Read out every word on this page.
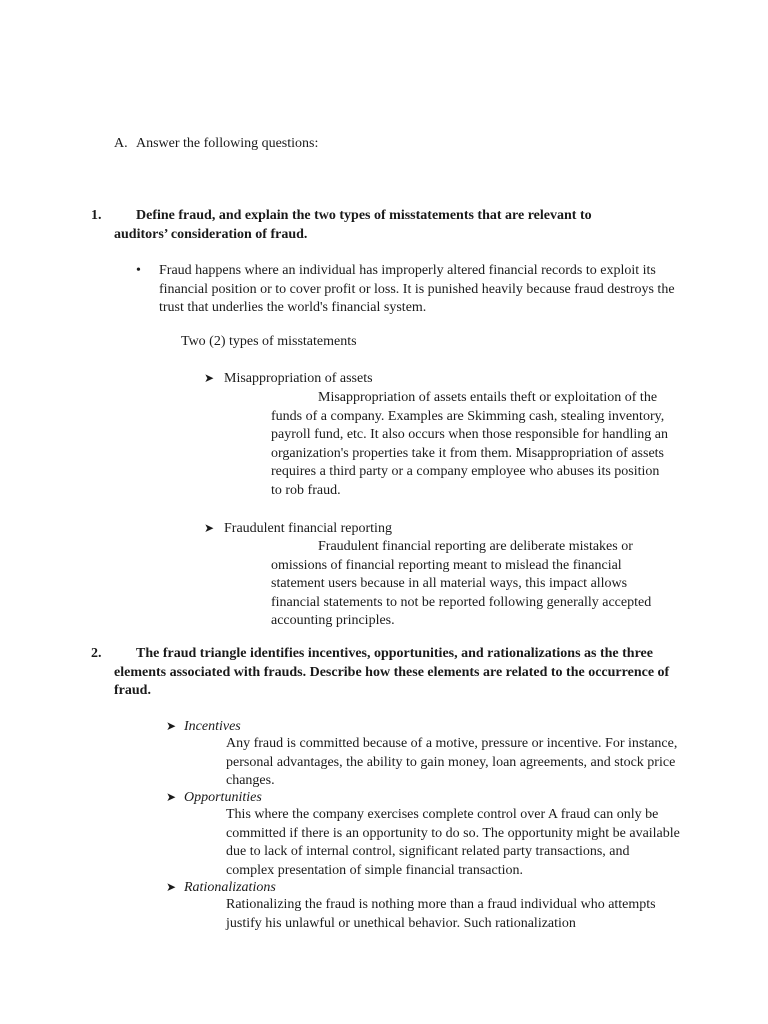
A. Answer the following questions:
1.	Define fraud, and explain the two types of misstatements that are relevant to auditors’ consideration of fraud.
• Fraud happens where an individual has improperly altered financial records to exploit its financial position or to cover profit or loss. It is punished heavily because fraud destroys the trust that underlies the world's financial system.
Two (2) types of misstatements
➤ Misappropriation of assets
Misappropriation of assets entails theft or exploitation of the funds of a company. Examples are Skimming cash, stealing inventory, payroll fund, etc. It also occurs when those responsible for handling an organization's properties take it from them. Misappropriation of assets requires a third party or a company employee who abuses its position to rob fraud.
➤ Fraudulent financial reporting
Fraudulent financial reporting are deliberate mistakes or omissions of financial reporting meant to mislead the financial statement users because in all material ways, this impact allows financial statements to not be reported following generally accepted accounting principles.
2.	The fraud triangle identifies incentives, opportunities, and rationalizations as the three elements associated with frauds. Describe how these elements are related to the occurrence of fraud.
➤ Incentives
Any fraud is committed because of a motive, pressure or incentive. For instance, personal advantages, the ability to gain money, loan agreements, and stock price changes.
➤ Opportunities
This where the company exercises complete control over A fraud can only be committed if there is an opportunity to do so. The opportunity might be available due to lack of internal control, significant related party transactions, and complex presentation of simple financial transaction.
➤ Rationalizations
Rationalizing the fraud is nothing more than a fraud individual who attempts justify his unlawful or unethical behavior. Such rationalization
